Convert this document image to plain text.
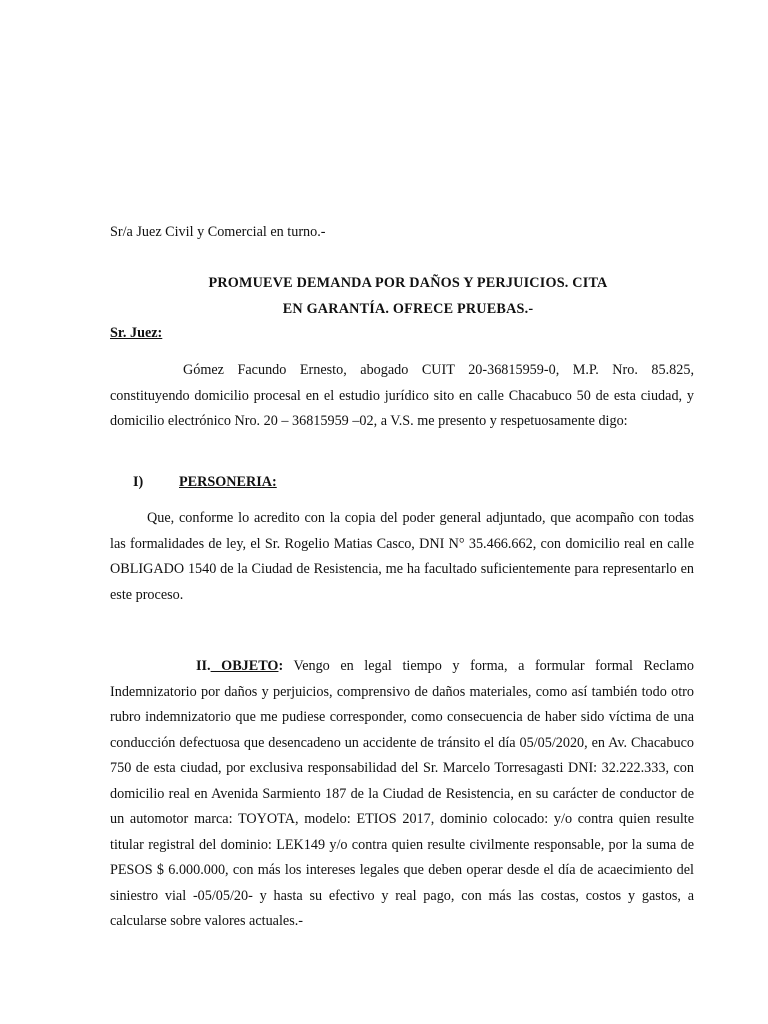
Sr/a Juez Civil y Comercial en turno.-
PROMUEVE DEMANDA POR DAÑOS Y PERJUICIOS. CITA
EN GARANTÍA. OFRECE PRUEBAS.-
Sr. Juez:

Gómez Facundo Ernesto, abogado CUIT 20-36815959-0, M.P. Nro. 85.825, constituyendo domicilio procesal en el estudio jurídico sito en calle Chacabuco 50 de esta ciudad, y domicilio electrónico Nro. 20 – 36815959 –02, a V.S. me presento y respetuosamente digo:

I)	PERSONERIA:

Que, conforme lo acredito con la copia del poder general adjuntado, que acompaño con todas las formalidades de ley, el Sr. Rogelio Matias Casco, DNI N° 35.466.662, con domicilio real en calle OBLIGADO 1540 de la Ciudad de Resistencia, me ha facultado suficientemente para representarlo en este proceso.

II. OBJETO: Vengo en legal tiempo y forma, a formular formal Reclamo Indemnizatorio por daños y perjuicios, comprensivo de daños materiales, como así también todo otro rubro indemnizatorio que me pudiese corresponder, como consecuencia de haber sido víctima de una conducción defectuosa que desencadeno un accidente de tránsito el día 05/05/2020, en Av. Chacabuco 750 de esta ciudad, por exclusiva responsabilidad del Sr. Marcelo Torresagasti DNI: 32.222.333, con domicilio real en Avenida Sarmiento 187 de la Ciudad de Resistencia, en su carácter de conductor de un automotor marca: TOYOTA, modelo: ETIOS 2017, dominio colocado: y/o contra quien resulte titular registral del dominio: LEK149 y/o contra quien resulte civilmente responsable, por la suma de PESOS $ 6.000.000, con más los intereses legales que deben operar desde el día de acaecimiento del siniestro vial -05/05/20- y hasta su efectivo y real pago, con más las costas, costos y gastos, a calcularse sobre valores actuales.-
